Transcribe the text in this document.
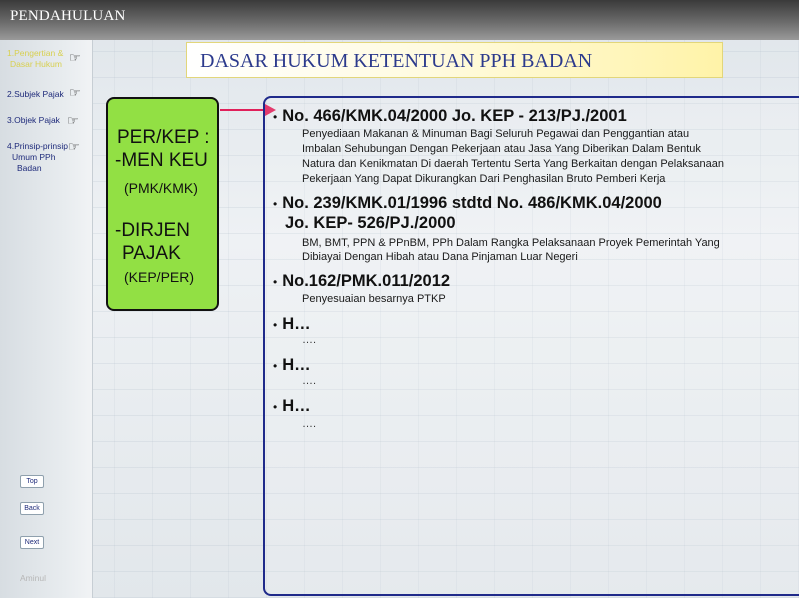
PENDAHULUAN
1.Pengertian &
Dasar Hukum ☞
2.Subjek Pajak ☞
3.Objek Pajak ☞
4.Prinsip-prinsip
Umum PPh
Badan
☞
Top
Back
Next
Aminul
DASAR HUKUM KETENTUAN PPH BADAN
PER/KEP :
-MEN KEU
(PMK/KMK)
-DIRJEN
PAJAK
(KEP/PER)
• No. 466/KMK.04/2000 Jo. KEP - 213/PJ./2001
Penyediaan Makanan & Minuman Bagi Seluruh Pegawai dan Penggantian atau
Imbalan Sehubungan Dengan Pekerjaan atau Jasa Yang Diberikan Dalam Bentuk
Natura dan Kenikmatan Di daerah Tertentu Serta Yang Berkaitan dengan Pelaksanaan
Pekerjaan Yang Dapat Dikurangkan Dari Penghasilan Bruto Pemberi Kerja
• No. 239/KMK.01/1996 stdtd No. 486/KMK.04/2000
Jo. KEP- 526/PJ./2000
BM, BMT, PPN & PPnBM, PPh Dalam Rangka Pelaksanaan Proyek Pemerintah Yang
Dibiayai Dengan Hibah atau Dana Pinjaman Luar Negeri
• No.162/PMK.011/2012
Penyesuaian besarnya PTKP
• H…
….
• H…
….
• H…
….
